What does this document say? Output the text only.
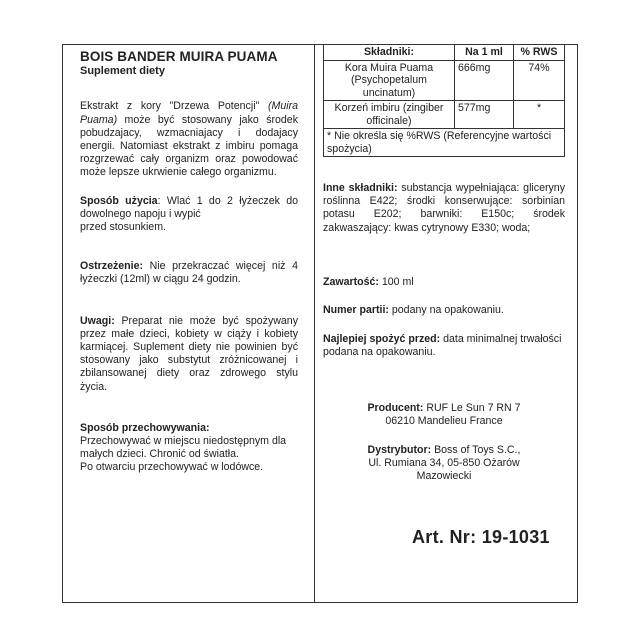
BOIS BANDER MUIRA PUAMA
Suplement diety
Ekstrakt z kory "Drzewa Potencji" (Muira Puama) może być stosowany jako środek pobudzajacy, wzmacniajacy i dodajacy energii. Natomiast ekstrakt z imbiru pomaga rozgrzewać cały organizm oraz powodować może lepsze ukrwienie całego organizmu.
Sposób użycia: Wlać 1 do 2 łyżeczek do dowolnego napoju i wypić
przed stosunkiem.
Ostrzeżenie: Nie przekraczać więcej niż 4 łyżeczki (12ml) w ciągu 24 godzin.
Uwagi: Preparat nie może być spożywany przez małe dzieci, kobiety w ciąży i kobiety karmiącej. Suplement diety nie powinien być stosowany jako substytut zróżnicowanej i zbilansowanej diety oraz zdrowego stylu życia.
Sposób przechowywania:
Przechowywać w miejscu niedostępnym dla małych dzieci. Chronić od światła.
Po otwarciu przechowywać w lodówce.
Składniki:	Na 1 ml	% RWS
Kora Muira Puama (Psychopetalum uncinatum)	666mg	74%
Korzeń imbiru (zingiber officinale)	577mg	*
* Nie określa się %RWS (Referencyjne wartości spożycia)		
Inne składniki: substancja wypełniająca: gliceryny roślinna E422; środki konserwujące: sorbinian potasu E202; barwniki: E150c; środek zakwaszający: kwas cytrynowy E330; woda;
Zawartość: 100 ml
Numer partii: podany na opakowaniu.
Najlepiej spożyć przed: data minimalnej trwałości podana na opakowaniu.
Producent: RUF Le Sun 7 RN 7
06210 Mandelieu France
Dystrybutor: Boss of Toys S.C.,
Ul. Rumiana 34, 05-850 Ożarów
Mazowiecki
Art. Nr: 19-1031
